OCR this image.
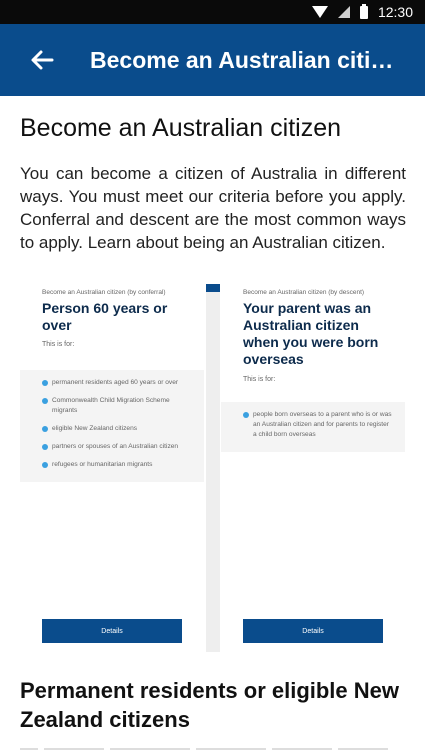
12:30
Become an Australian citi…
Become an Australian citizen

You can become a citizen of Australia in different ways. You must meet our criteria before you apply. Conferral and descent are the most common ways to apply. Learn about being an Australian citizen.

Become an Australian citizen (by conferral)
Person 60 years or over
This is for:
permanent residents aged 60 years or over
Commonwealth Child Migration Scheme migrants
eligible New Zealand citizens
partners or spouses of an Australian citizen
refugees or humanitarian migrants
Details
Become an Australian citizen (by descent)
Your parent was an Australian citizen when you were born overseas
This is for:
people born overseas to a parent who is or was an Australian citizen and for parents to register a child born overseas
Details
Permanent residents or eligible New Zealand citizens
